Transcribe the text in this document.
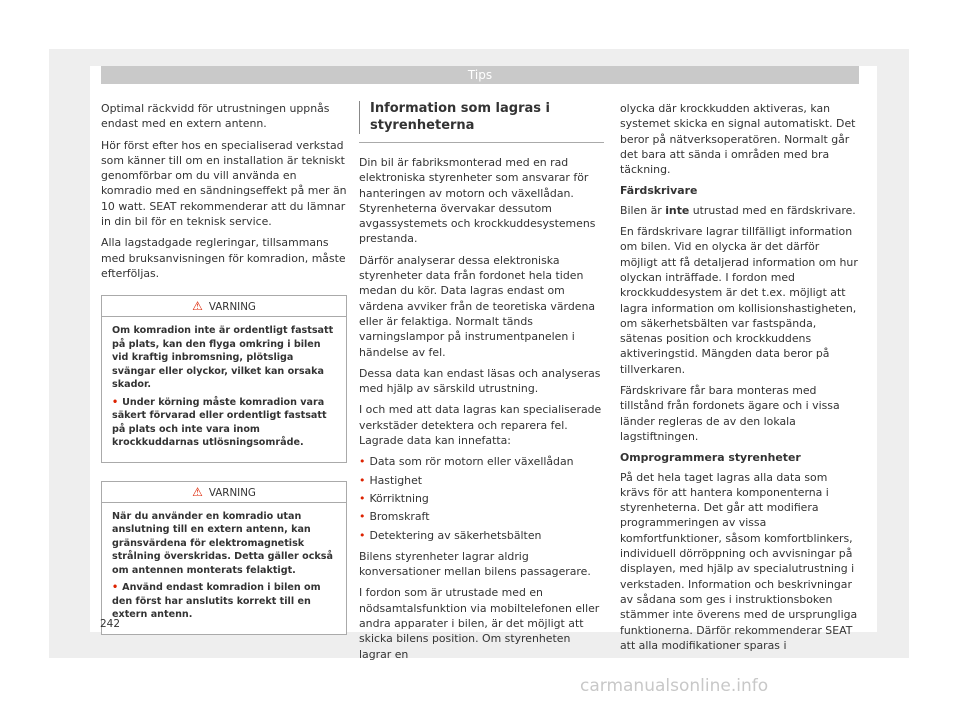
Tips

Optimal räckvidd för utrustningen uppnås endast med en extern antenn.

Hör först efter hos en specialiserad verkstad som känner till om en installation är tekniskt genomförbar om du vill använda en komradio med en sändningseffekt på mer än 10 watt. SEAT rekommenderar att du lämnar in din bil för en teknisk service.

Alla lagstadgade regleringar, tillsammans med bruksanvisningen för komradion, måste efterföljas.

⚠ VARNING

Om komradion inte är ordentligt fastsatt på plats, kan den flyga omkring i bilen vid kraftig inbromsning, plötsliga svängar eller olyckor, vilket kan orsaka skador.

• Under körning måste komradion vara säkert förvarad eller ordentligt fastsatt på plats och inte vara inom krockkuddarnas utlösningsområde.

⚠ VARNING

När du använder en komradio utan anslutning till en extern antenn, kan gränsvärdena för elektromagnetisk strålning överskridas. Detta gäller också om antennen monterats felaktigt.

• Använd endast komradion i bilen om den först har anslutits korrekt till en extern antenn.

Information som lagras i styrenheterna

Din bil är fabriksmonterad med en rad elektroniska styrenheter som ansvarar för hanteringen av motorn och växellådan. Styrenheterna övervakar dessutom avgassystemets och krockkuddesystemens prestanda.

Därför analyserar dessa elektroniska styrenheter data från fordonet hela tiden medan du kör. Data lagras endast om värdena avviker från de teoretiska värdena eller är felaktiga. Normalt tänds varningslampor på instrumentpanelen i händelse av fel.

Dessa data kan endast läsas och analyseras med hjälp av särskild utrustning.

I och med att data lagras kan specialiserade verkstäder detektera och reparera fel. Lagrade data kan innefatta:

• Data som rör motorn eller växellådan
• Hastighet
• Körriktning
• Bromskraft
• Detektering av säkerhetsbälten

Bilens styrenheter lagrar aldrig konversationer mellan bilens passagerare.

I fordon som är utrustade med en nödsamtalsfunktion via mobiltelefonen eller andra apparater i bilen, är det möjligt att skicka bilens position. Om styrenheten lagrar en

olycka där krockkudden aktiveras, kan systemet skicka en signal automatiskt. Det beror på nätverksoperatören. Normalt går det bara att sända i områden med bra täckning.

Färdskrivare

Bilen är inte utrustad med en färdskrivare.

En färdskrivare lagrar tillfälligt information om bilen. Vid en olycka är det därför möjligt att få detaljerad information om hur olyckan inträffade. I fordon med krockkuddesystem är det t.ex. möjligt att lagra information om kollisionshastigheten, om säkerhetsbälten var fastspända, sätenas position och krockkuddens aktiveringstid. Mängden data beror på tillverkaren.

Färdskrivare får bara monteras med tillstånd från fordonets ägare och i vissa länder regleras de av den lokala lagstiftningen.

Omprogrammera styrenheter

På det hela taget lagras alla data som krävs för att hantera komponenterna i styrenheterna. Det går att modifiera programmeringen av vissa komfortfunktioner, såsom komfortblinkers, individuell dörröppning och avvisningar på displayen, med hjälp av specialutrustning i verkstaden. Information och beskrivningar av sådana som ges i instruktionsboken stämmer inte överens med de ursprungliga funktionerna. Därför rekommenderar SEAT att alla modifikationer sparas i

242
carmanualsonline.info
